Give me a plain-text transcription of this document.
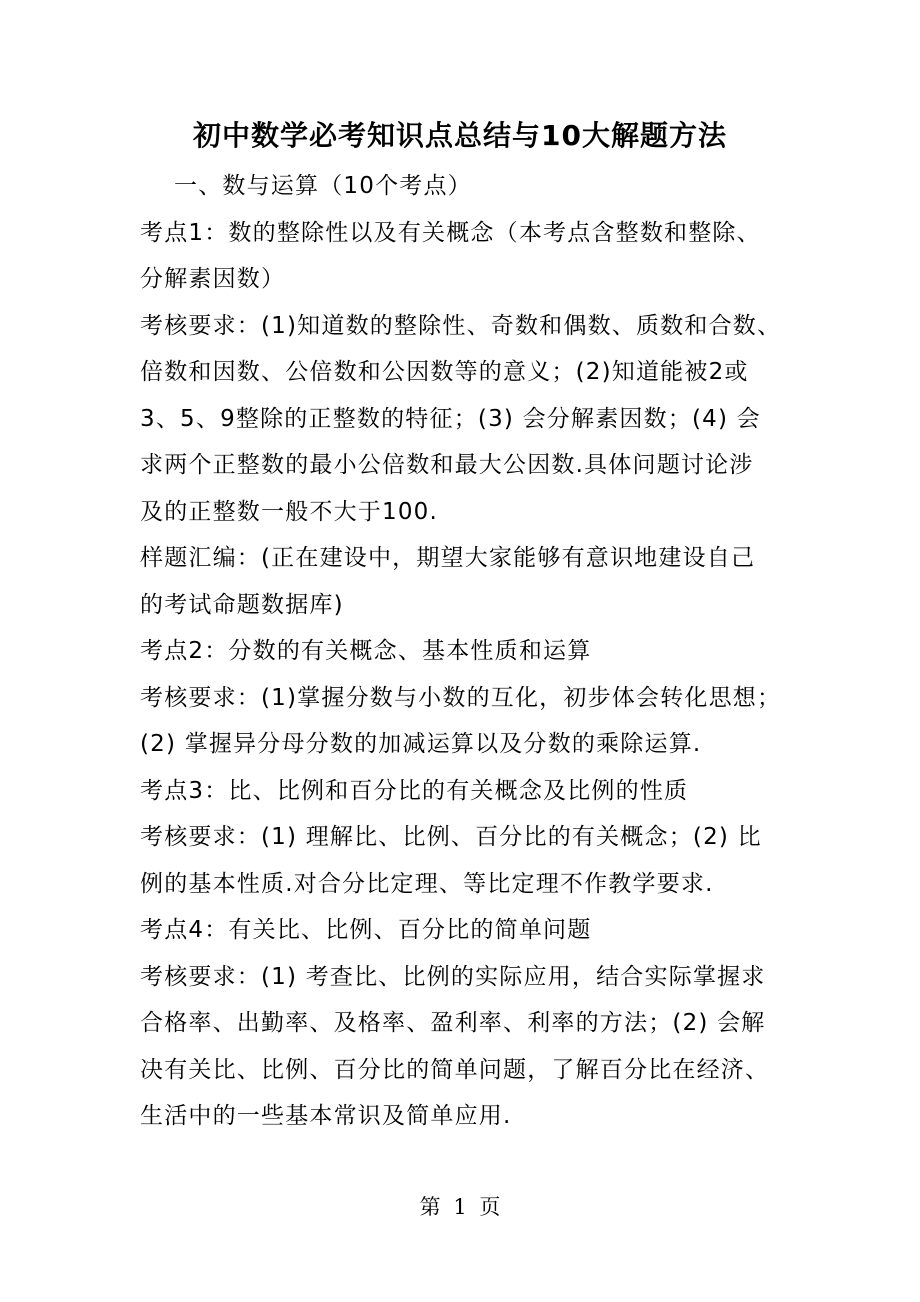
初中数学必考知识点总结与10大解题方法
一、数与运算（10个考点）
考点1：数的整除性以及有关概念（本考点含整数和整除、
分解素因数）
考核要求：(1)知道数的整除性、奇数和偶数、质数和合数、
倍数和因数、公倍数和公因数等的意义；(2)知道能被2或
3、5、9整除的正整数的特征；(3) 会分解素因数；(4) 会
求两个正整数的最小公倍数和最大公因数.具体问题讨论涉
及的正整数一般不大于100.
样题汇编：(正在建设中，期望大家能够有意识地建设自己
的考试命题数据库)
考点2：分数的有关概念、基本性质和运算
考核要求：(1)掌握分数与小数的互化，初步体会转化思想；
(2) 掌握异分母分数的加减运算以及分数的乘除运算.
考点3：比、比例和百分比的有关概念及比例的性质
考核要求：(1) 理解比、比例、百分比的有关概念；(2) 比
例的基本性质.对合分比定理、等比定理不作教学要求.
考点4：有关比、比例、百分比的简单问题
考核要求：(1) 考查比、比例的实际应用，结合实际掌握求
合格率、出勤率、及格率、盈利率、利率的方法；(2) 会解
决有关比、比例、百分比的简单问题，了解百分比在经济、
生活中的一些基本常识及简单应用.
第 1 页
